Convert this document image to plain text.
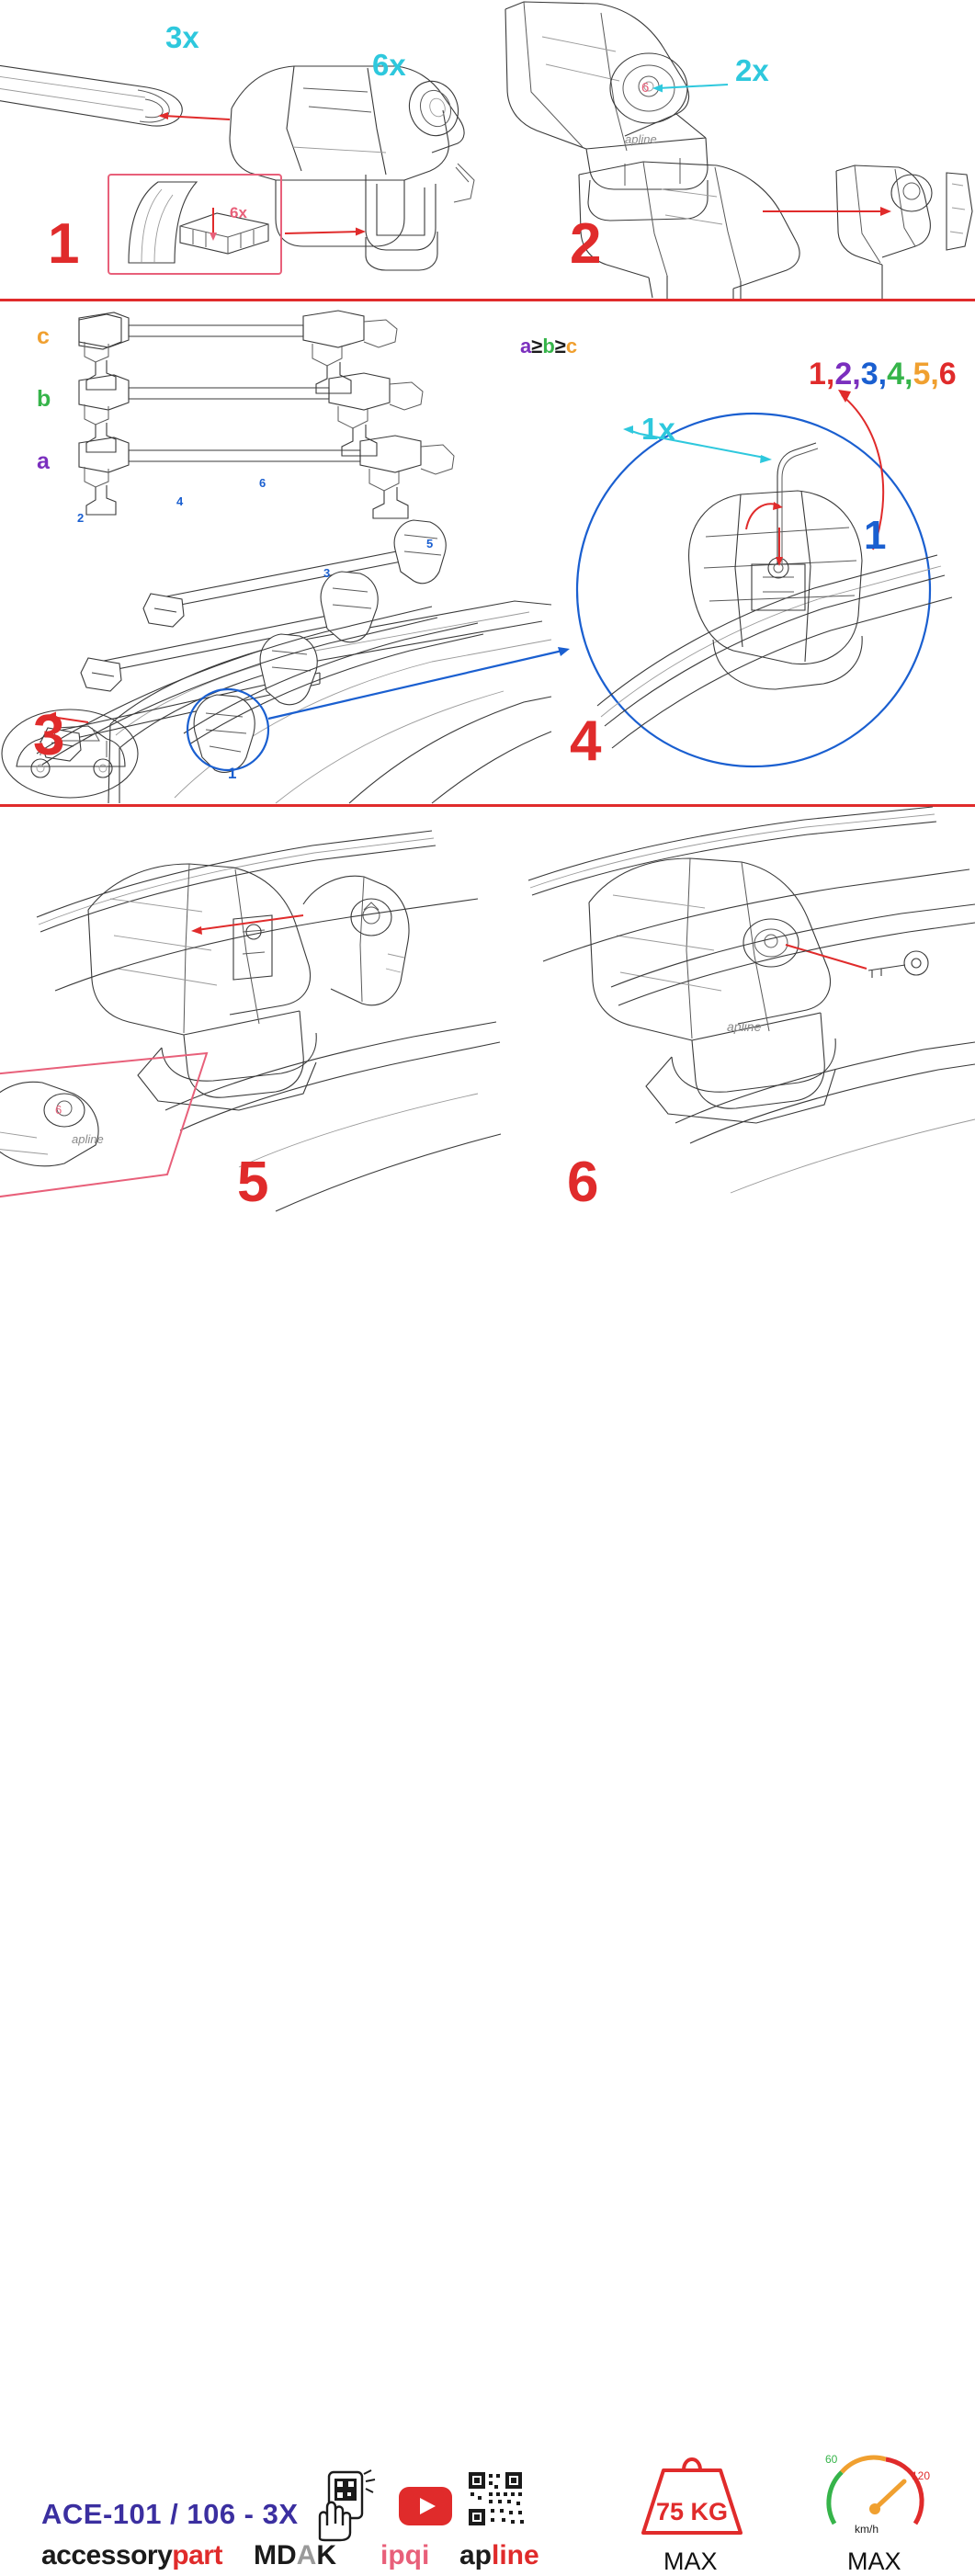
3x
6x
6x
1
apline
6
2x
2
c
b
a
3
1
2
3
4
5
6
a≥b≥c
1x
1,2,3,4,5,6
1
4
6
apline
5
apline
6
ACE-101 / 106 - 3X
accessorypart MDAK ipqi apline
75 KG
MAX
60
120
km/h
MAX
